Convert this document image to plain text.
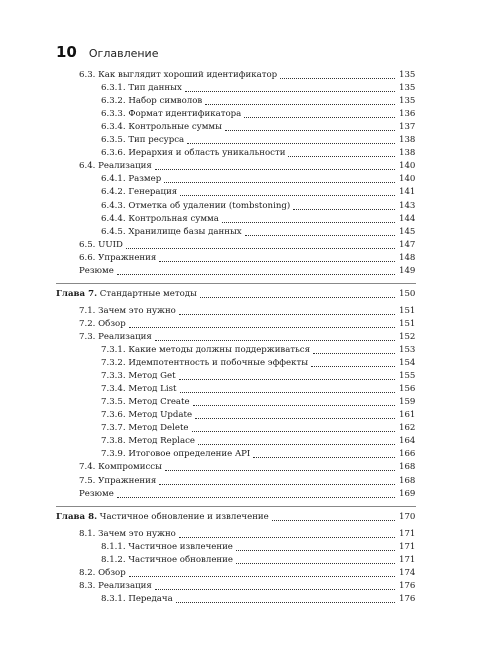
10 Оглавление
6.3. Как выглядит хороший идентификатор	135
6.3.1. Тип данных	135
6.3.2. Набор символов	135
6.3.3. Формат идентификатора	136
6.3.4. Контрольные суммы	137
6.3.5. Тип ресурса	138
6.3.6. Иерархия и область уникальности	138
6.4. Реализация	140
6.4.1. Размер	140
6.4.2. Генерация	141
6.4.3. Отметка об удалении (tombstoning)	143
6.4.4. Контрольная сумма	144
6.4.5. Хранилище базы данных	145
6.5. UUID	147
6.6. Упражнения	148
Резюме	149
Глава 7. Стандартные методы	150
7.1. Зачем это нужно	151
7.2. Обзор	151
7.3. Реализация	152
7.3.1. Какие методы должны поддерживаться	153
7.3.2. Идемпотентность и побочные эффекты	154
7.3.3. Метод Get	155
7.3.4. Метод List	156
7.3.5. Метод Create	159
7.3.6. Метод Update	161
7.3.7. Метод Delete	162
7.3.8. Метод Replace	164
7.3.9. Итоговое определение API	166
7.4. Компромиссы	168
7.5. Упражнения	168
Резюме	169
Глава 8. Частичное обновление и извлечение	170
8.1. Зачем это нужно	171
8.1.1. Частичное извлечение	171
8.1.2. Частичное обновление	171
8.2. Обзор	174
8.3. Реализация	176
8.3.1. Передача	176
